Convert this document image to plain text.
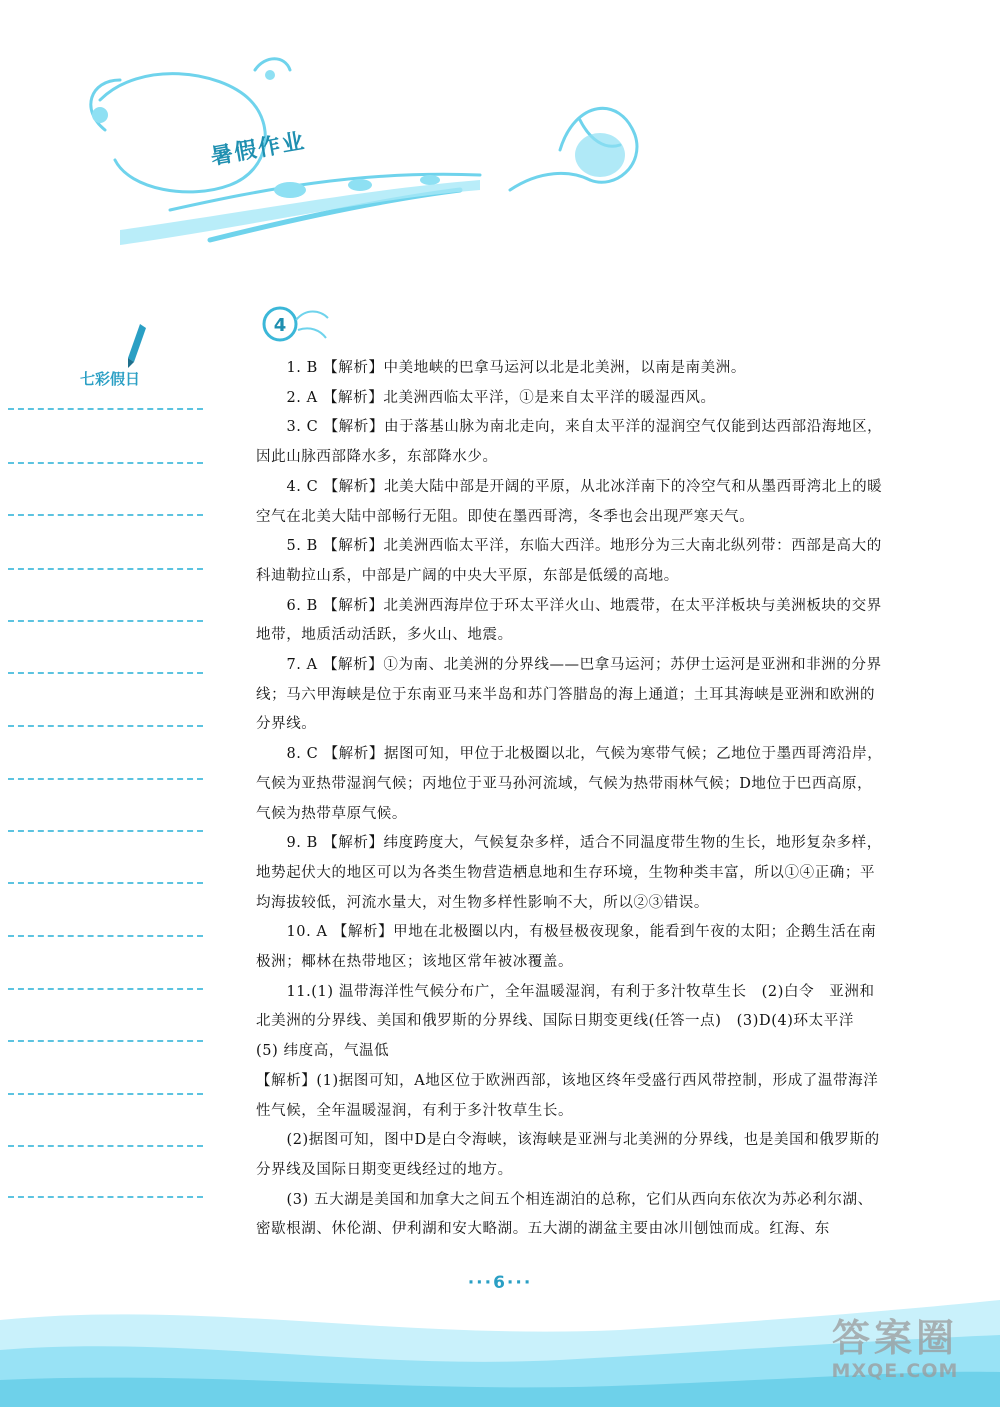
暑假作业
4
七彩假日

1. B 【解析】中美地峡的巴拿马运河以北是北美洲，以南是南美洲。

2. A 【解析】北美洲西临太平洋，①是来自太平洋的暖湿西风。

3. C 【解析】由于落基山脉为南北走向，来自太平洋的湿润空气仅能到达西部沿海地区，因此山脉西部降水多，东部降水少。

4. C 【解析】北美大陆中部是开阔的平原，从北冰洋南下的冷空气和从墨西哥湾北上的暖空气在北美大陆中部畅行无阻。即使在墨西哥湾，冬季也会出现严寒天气。

5. B 【解析】北美洲西临太平洋，东临大西洋。地形分为三大南北纵列带：西部是高大的科迪勒拉山系，中部是广阔的中央大平原，东部是低缓的高地。

6. B 【解析】北美洲西海岸位于环太平洋火山、地震带，在太平洋板块与美洲板块的交界地带，地质活动活跃，多火山、地震。

7. A 【解析】①为南、北美洲的分界线——巴拿马运河；苏伊士运河是亚洲和非洲的分界线；马六甲海峡是位于东南亚马来半岛和苏门答腊岛的海上通道；土耳其海峡是亚洲和欧洲的分界线。

8. C 【解析】据图可知，甲位于北极圈以北，气候为寒带气候；乙地位于墨西哥湾沿岸，气候为亚热带湿润气候；丙地位于亚马孙河流域，气候为热带雨林气候；D地位于巴西高原，气候为热带草原气候。

9. B 【解析】纬度跨度大，气候复杂多样，适合不同温度带生物的生长，地形复杂多样，地势起伏大的地区可以为各类生物营造栖息地和生存环境，生物种类丰富，所以①④正确；平均海拔较低，河流水量大，对生物多样性影响不大，所以②③错误。

10. A 【解析】甲地在北极圈以内，有极昼极夜现象，能看到午夜的太阳；企鹅生活在南极洲；椰林在热带地区；该地区常年被冰覆盖。

11.(1) 温带海洋性气候分布广，全年温暖湿润，有利于多汁牧草生长　(2)白令　亚洲和北美洲的分界线、美国和俄罗斯的分界线、国际日期变更线(任答一点)　(3)D(4)环太平洋　(5) 纬度高，气温低

【解析】(1)据图可知，A地区位于欧洲西部，该地区终年受盛行西风带控制，形成了温带海洋性气候，全年温暖湿润，有利于多汁牧草生长。

(2)据图可知，图中D是白令海峡，该海峡是亚洲与北美洲的分界线，也是美国和俄罗斯的分界线及国际日期变更线经过的地方。

(3) 五大湖是美国和加拿大之间五个相连湖泊的总称，它们从西向东依次为苏必利尔湖、密歇根湖、休伦湖、伊利湖和安大略湖。五大湖的湖盆主要由冰川刨蚀而成。红海、东

···6···
答案圈
MXQE.COM
